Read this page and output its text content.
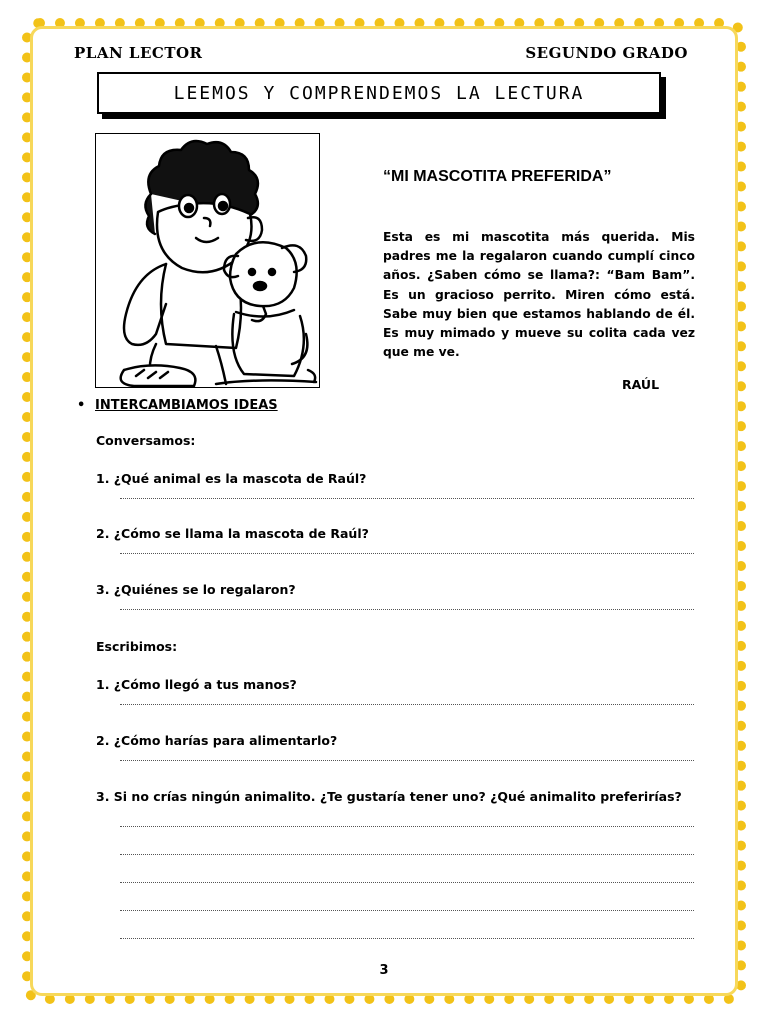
PLAN LECTOR	SEGUNDO GRADO
LEEMOS Y COMPRENDEMOS LA LECTURA
“MI MASCOTITA PREFERIDA”
Esta es mi mascotita más querida. Mis padres me la regalaron cuando cumplí cinco años. ¿Saben cómo se llama?: “Bam Bam”. Es un gracioso perrito. Miren cómo está. Sabe muy bien que estamos hablando de él. Es muy mimado y mueve su colita cada vez que me ve.
RAÚL
• INTERCAMBIAMOS IDEAS
Conversamos:
1. ¿Qué animal es la mascota de Raúl?
2. ¿Cómo se llama la mascota de Raúl?
3. ¿Quiénes se lo regalaron?
Escribimos:
1. ¿Cómo llegó a tus manos?
2. ¿Cómo harías para alimentarlo?
3. Si no crías ningún animalito. ¿Te gustaría tener uno? ¿Qué animalito preferirías?
3
